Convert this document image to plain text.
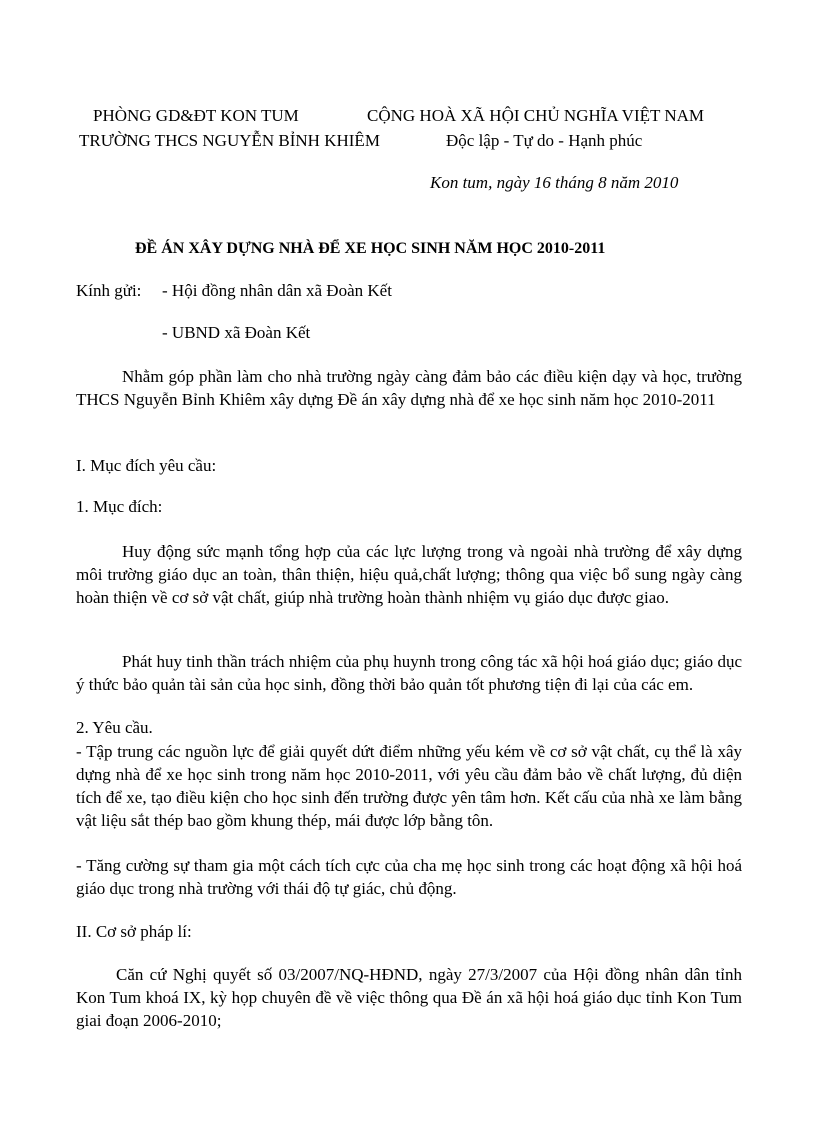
PHÒNG GD&ĐT KON TUM
TRƯỜNG THCS NGUYỄN BỈNH KHIÊM
CỘNG HOÀ XÃ HỘI CHỦ NGHĨA VIỆT NAM
Độc lập - Tự do - Hạnh phúc
Kon tum, ngày 16 tháng 8 năm 2010
ĐỀ ÁN XÂY DỰNG NHÀ ĐỂ XE HỌC SINH NĂM HỌC 2010-2011
Kính gửi: - Hội đồng nhân dân xã Đoàn Kết
- UBND xã Đoàn Kết
Nhằm góp phần làm cho nhà trường ngày càng đảm bảo các điều kiện dạy và học, trường THCS Nguyễn Bỉnh Khiêm xây dựng Đề án xây dựng nhà để xe học sinh năm học 2010-2011
I. Mục đích yêu cầu:
1. Mục đích:
Huy động sức mạnh tổng hợp của các lực lượng trong và ngoài nhà trường để xây dựng môi trường giáo dục an toàn, thân thiện, hiệu quả,chất lượng; thông qua việc bổ sung ngày càng hoàn thiện về cơ sở vật chất, giúp nhà trường hoàn thành nhiệm vụ giáo dục được giao.
Phát huy tinh thần trách nhiệm của phụ huynh trong công tác xã hội hoá giáo dục; giáo dục ý thức bảo quản tài sản của học sinh, đồng thời bảo quản tốt phương tiện đi lại của các em.
2. Yêu cầu.
- Tập trung các nguồn lực để giải quyết dứt điểm những yếu kém về cơ sở vật chất, cụ thể là xây dựng nhà để xe học sinh trong năm học 2010-2011, với yêu cầu đảm bảo về chất lượng, đủ diện tích để xe, tạo điều kiện cho học sinh đến trường được yên tâm hơn. Kết cấu của nhà xe làm bằng vật liệu sắt thép bao gồm khung thép, mái được lớp bằng tôn.
- Tăng cường sự tham gia một cách tích cực của cha mẹ học sinh trong các hoạt động xã hội hoá giáo dục trong nhà trường với thái độ tự giác, chủ động.
II. Cơ sở pháp lí:
Căn cứ Nghị quyết số 03/2007/NQ-HĐND, ngày 27/3/2007 của Hội đồng nhân dân tỉnh Kon Tum khoá IX, kỳ họp chuyên đề về việc thông qua Đề án xã hội hoá giáo dục tỉnh Kon Tum giai đoạn 2006-2010;
